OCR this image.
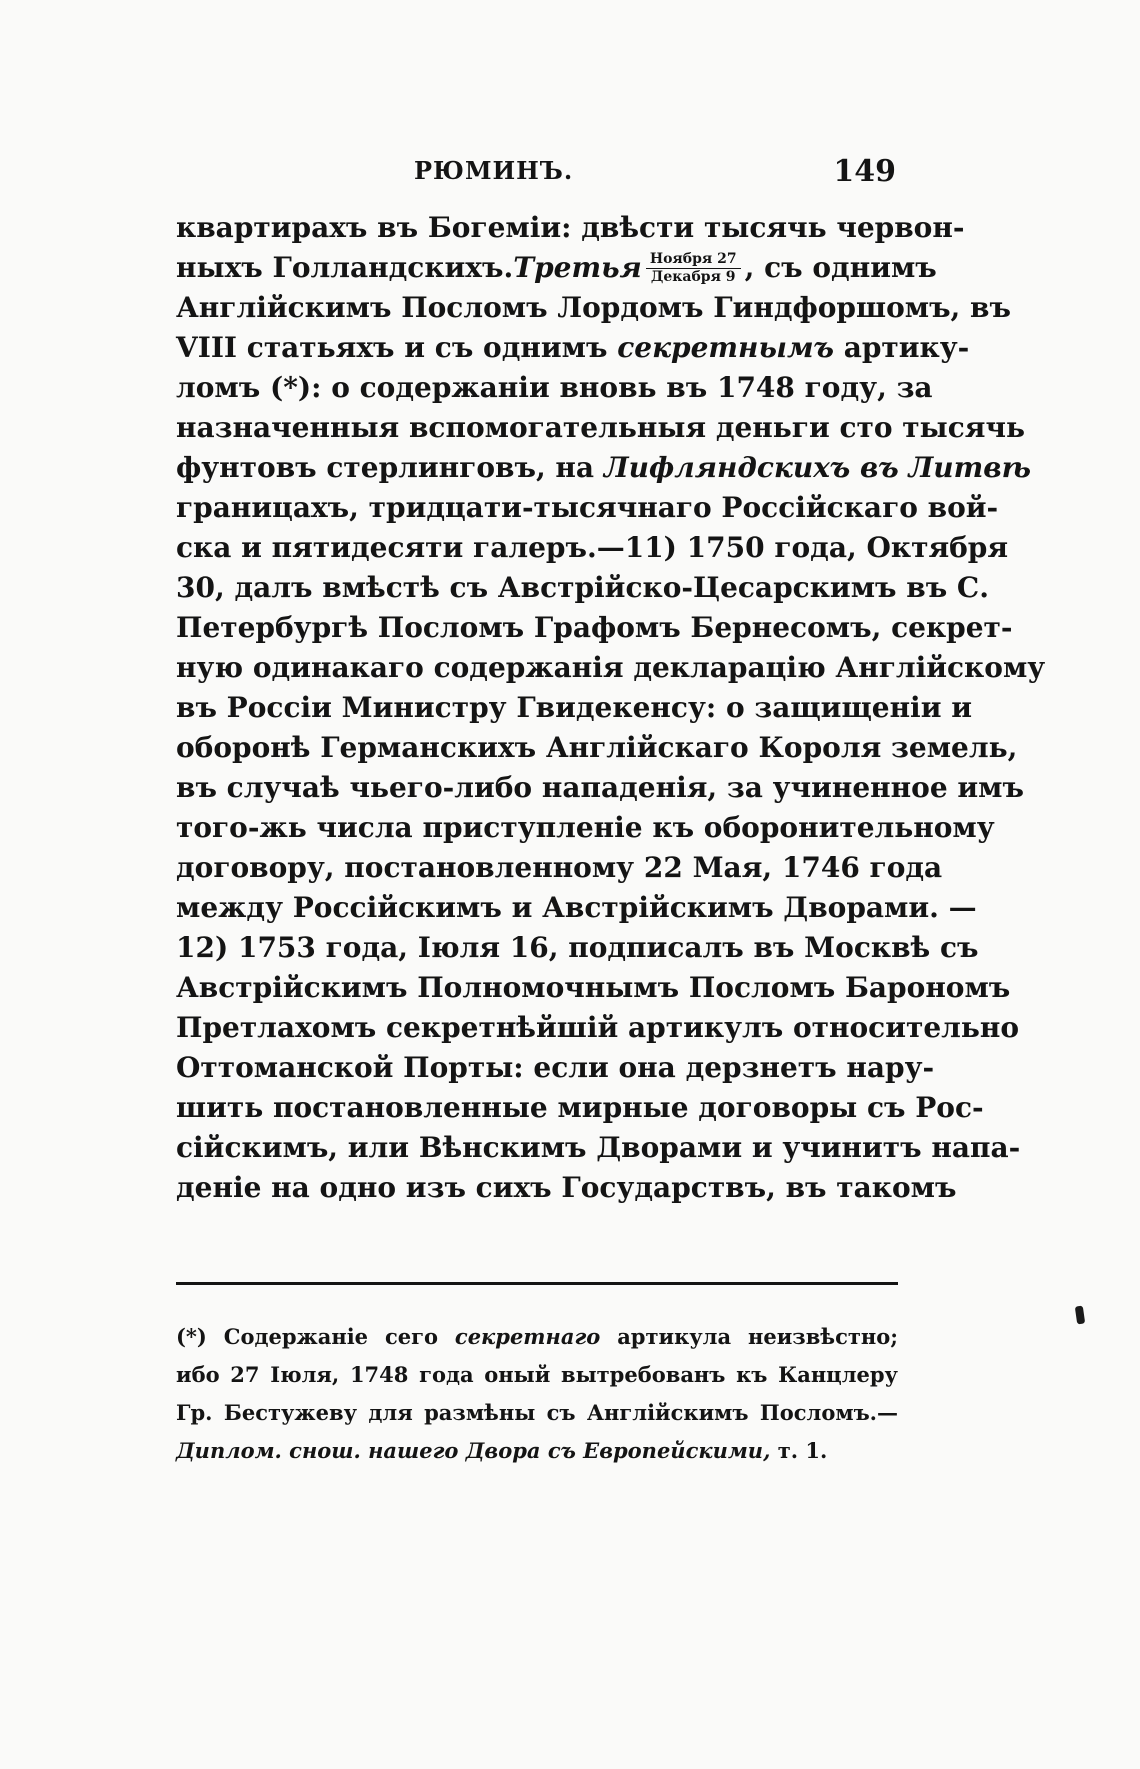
РЮМИНЪ.	149
квартирахъ въ Богеміи: двѣсти тысячь червон-
ныхъ Голландскихъ. Третья $\frac{\text{Ноября 27}}{\text{Декабря 9}}$ , съ однимъ
Англійскимъ Посломъ Лордомъ Гиндфоршомъ, въ
VIII статьяхъ и съ однимъ секретнымъ артику-
ломъ (*): о содержаніи вновь въ 1748 году, за
назначенныя вспомогательныя деньги сто тысячь
фунтовъ стерлинговъ, на Лифляндскихъ въ Литвѣ
границахъ, тридцати-тысячнаго Россійскаго вой-
ска и пятидесяти галеръ.—11) 1750 года, Октября
30, далъ вмѣстѣ съ Австрійско-Цесарскимъ въ С.
Петербургѣ Посломъ Графомъ Бернесомъ, секрет-
ную одинакаго содержанія декларацію Англійскому
въ Россіи Министру Гвидекенсу: о защищеніи и
оборонѣ Германскихъ Англійскаго Короля земель,
въ случаѣ чьего-либо нападенія, за учиненное имъ
того-жь числа приступленіе къ оборонительному
договору, постановленному 22 Мая, 1746 года
между Россійскимъ и Австрійскимъ Дворами. —
12) 1753 года, Іюля 16, подписалъ въ Москвѣ съ
Австрійскимъ Полномочнымъ Посломъ Барономъ
Претлахомъ секретнѣйшій артикулъ относительно
Оттоманской Порты: если она дерзнетъ нару-
шить постановленные мирные договоры съ Рос-
сійскимъ, или Вѣнскимъ Дворами и учинитъ напа-
деніе на одно изъ сихъ Государствъ, въ такомъ
(*) Содержаніе сего секретнаго артикула неизвѣстно;
ибо 27 Іюля, 1748 года оный вытребованъ къ Канцлеру
Гр. Бестужеву для размѣны съ Англійскимъ Посломъ.—
Диплом. снош. нашего Двора съ Европейскими, т. 1.
